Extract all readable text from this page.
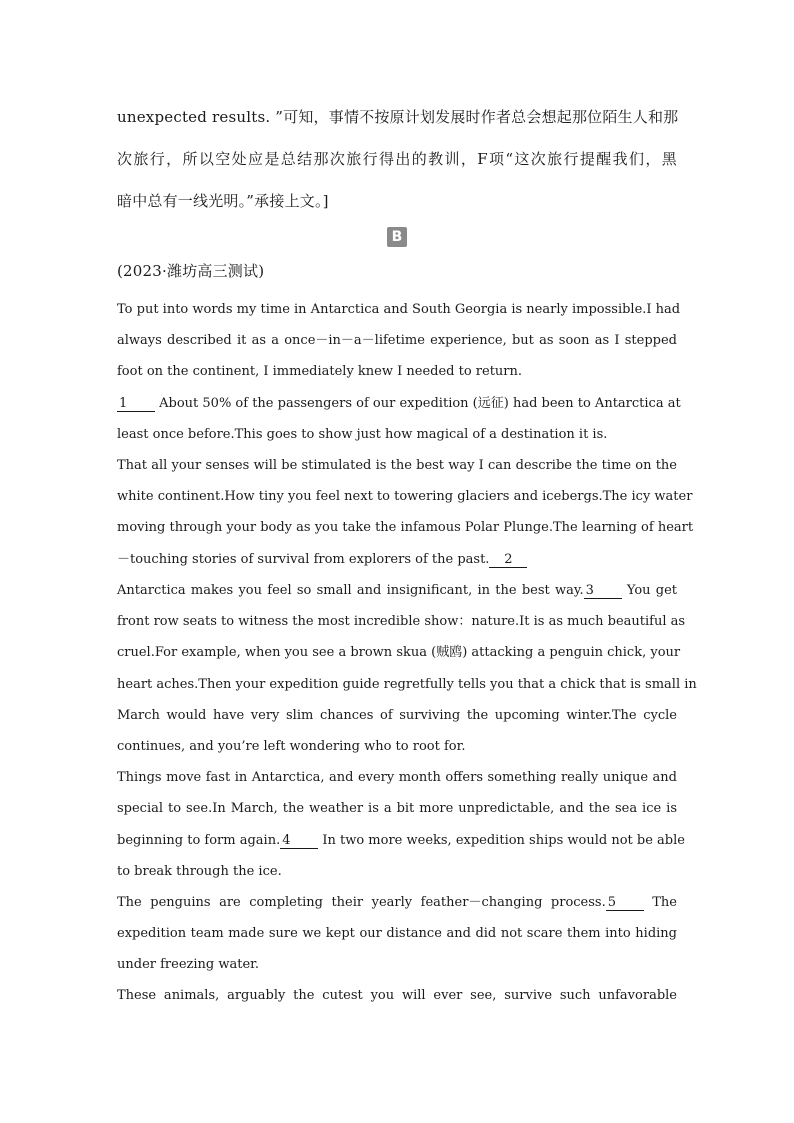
B
unexpected results. ”可知，事情不按原计划发展时作者总会想起那位陌生人和那
次旅行，所以空处应是总结那次旅行得出的教训，F项“这次旅行提醒我们，黑
暗中总有一线光明。”承接上文。]
(2023·潍坊高三测试)
To put into words my time in Antarctica and South Georgia is nearly impossible.I had
always described it as a once－in－a－lifetime experience, but as soon as I stepped
foot on the continent, I immediately knew I needed to return.
1 About 50% of the passengers of our expedition (远征) had been to Antarctica at
least once before.This goes to show just how magical of a destination it is.
That all your senses will be stimulated is the best way I can describe the time on the
white continent.How tiny you feel next to towering glaciers and icebergs.The icy water
moving through your body as you take the infamous Polar Plunge.The learning of heart
－touching stories of survival from explorers of the past. 2
Antarctica makes you feel so small and insignificant, in the best way. 3 You get
front row seats to witness the most incredible show：nature.It is as much beautiful as
cruel.For example, when you see a brown skua (贼鸥) attacking a penguin chick, your
heart aches.Then your expedition guide regretfully tells you that a chick that is small in
March would have very slim chances of surviving the upcoming winter.The cycle
continues, and you’re left wondering who to root for.
Things move fast in Antarctica, and every month offers something really unique and
special to see.In March, the weather is a bit more unpredictable, and the sea ice is
beginning to form again. 4 In two more weeks, expedition ships would not be able
to break through the ice.
The penguins are completing their yearly feather－changing process. 5 The
expedition team made sure we kept our distance and did not scare them into hiding
under freezing water.
These animals, arguably the cutest you will ever see, survive such unfavorable
